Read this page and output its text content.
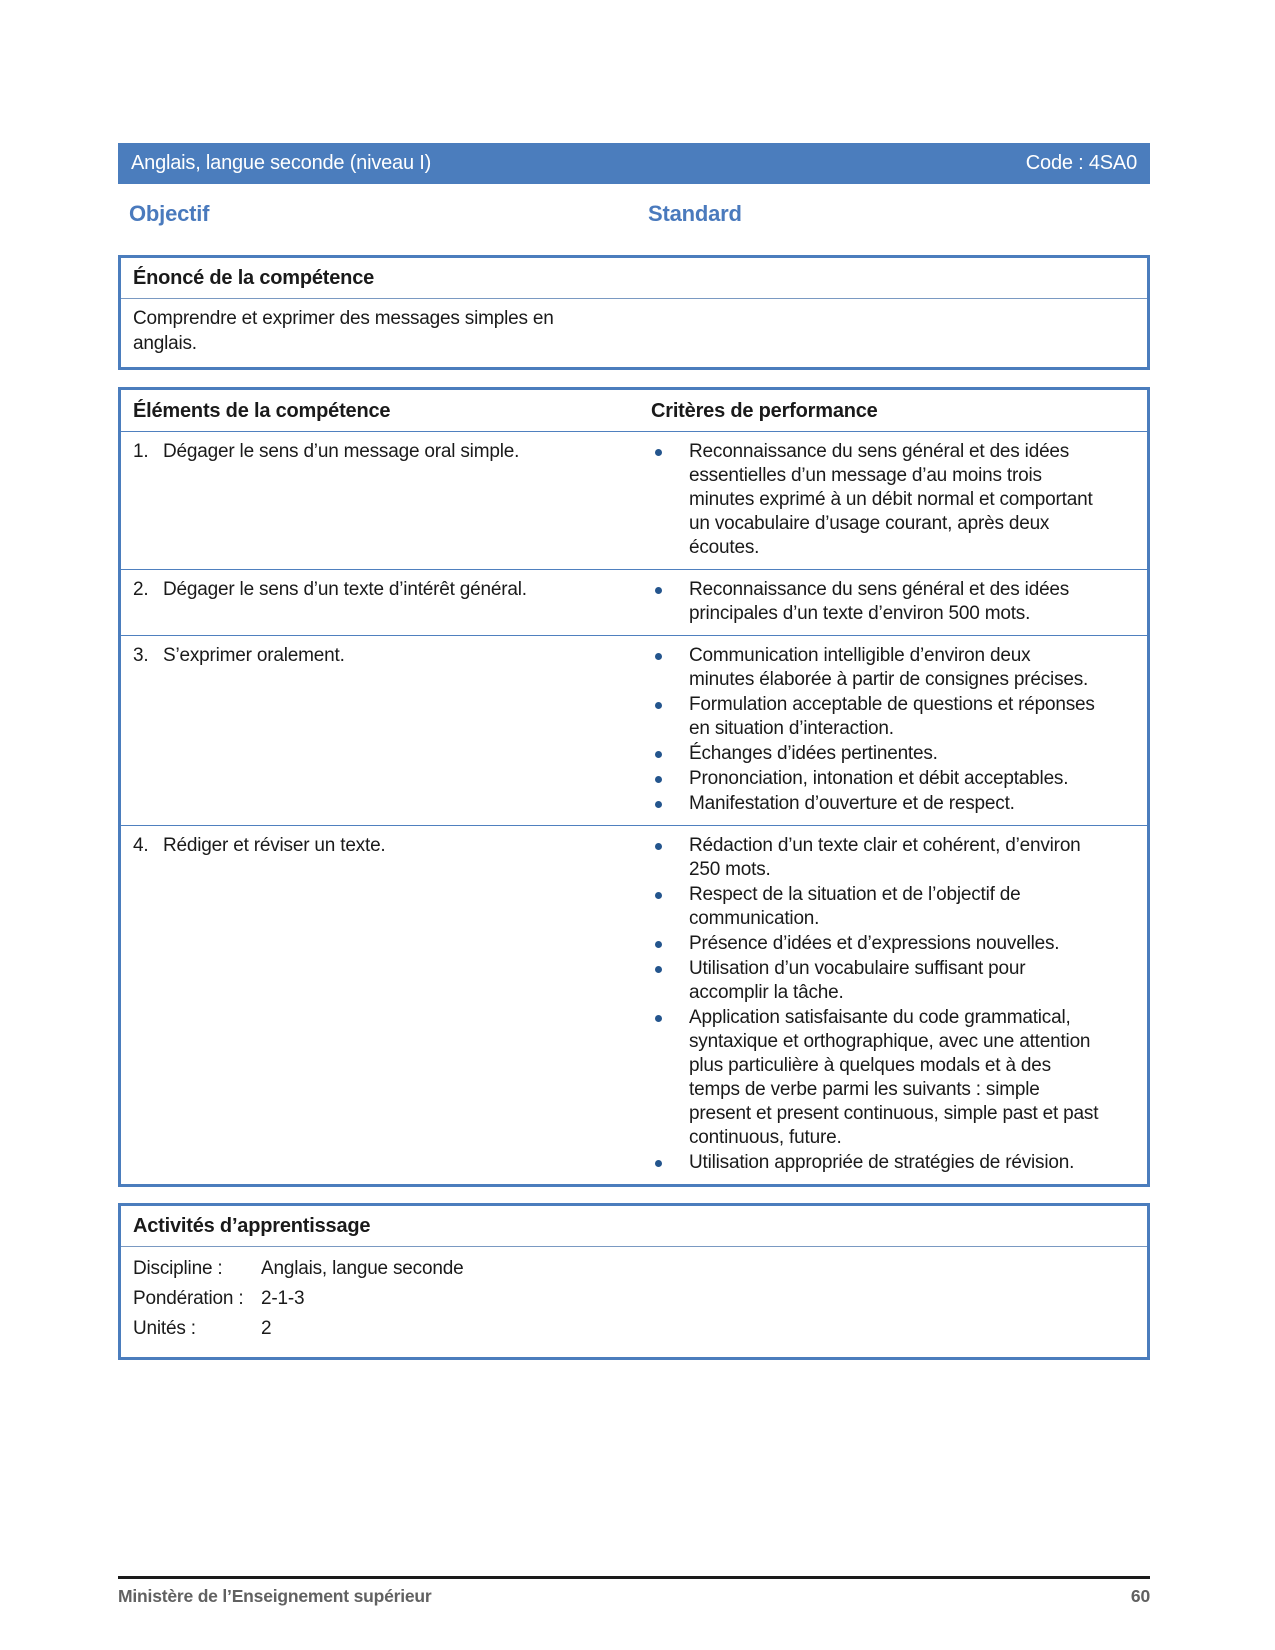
Anglais, langue seconde (niveau I)	Code : 4SA0
Objectif	Standard
Énoncé de la compétence

Comprendre et exprimer des messages simples en anglais.

Éléments de la compétence	Critères de performance
1. Dégager le sens d’un message oral simple.	Reconnaissance du sens général et des idées essentielles d’un message d’au moins trois minutes exprimé à un débit normal et comportant un vocabulaire d’usage courant, après deux écoutes.
2. Dégager le sens d’un texte d’intérêt général.	Reconnaissance du sens général et des idées principales d’un texte d’environ 500 mots.
3. S’exprimer oralement.	Communication intelligible d’environ deux minutes élaborée à partir de consignes précises.
Formulation acceptable de questions et réponses en situation d’interaction.
Échanges d’idées pertinentes.
Prononciation, intonation et débit acceptables.
Manifestation d’ouverture et de respect.
4. Rédiger et réviser un texte.	Rédaction d’un texte clair et cohérent, d’environ 250 mots.
Respect de la situation et de l’objectif de communication.
Présence d’idées et d’expressions nouvelles.
Utilisation d’un vocabulaire suffisant pour accomplir la tâche.
Application satisfaisante du code grammatical, syntaxique et orthographique, avec une attention plus particulière à quelques modals et à des temps de verbe parmi les suivants : simple present et present continuous, simple past et past continuous, future.
Utilisation appropriée de stratégies de révision.
Activités d’apprentissage
Discipline :	Anglais, langue seconde
Pondération : 2-1-3
Unités :	2
Ministère de l’Enseignement supérieur	60
